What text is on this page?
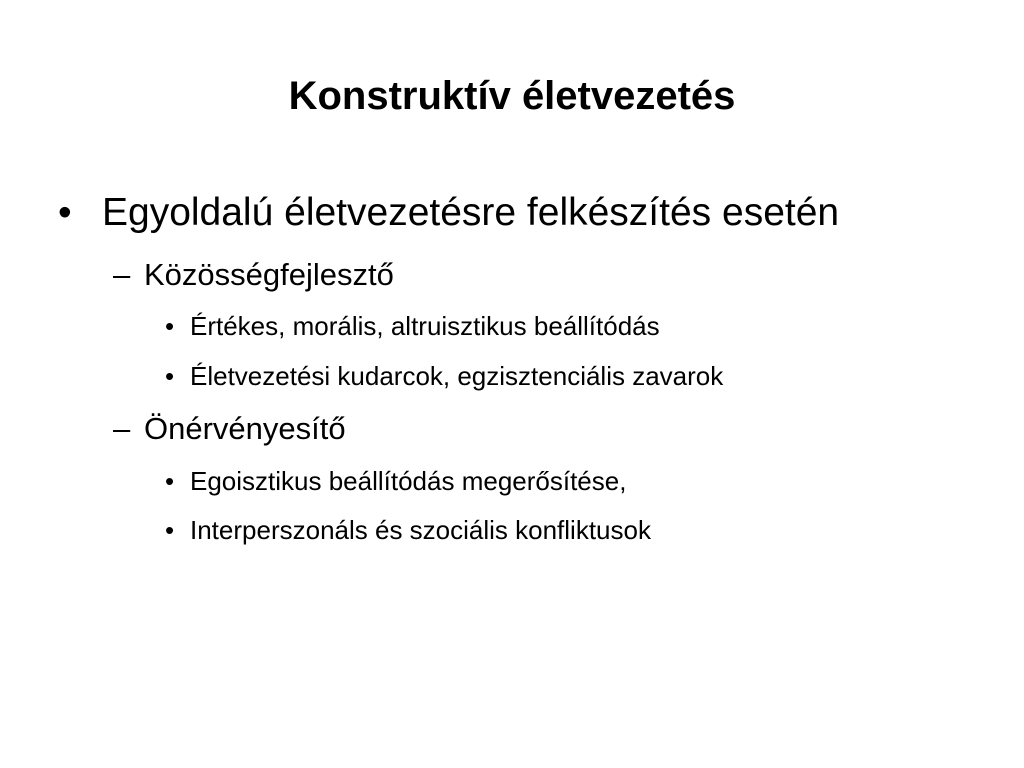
Konstruktív életvezetés
• Egyoldalú életvezetésre felkészítés esetén
– Közösségfejlesztő
• Értékes, morális, altruisztikus beállítódás
• Életvezetési kudarcok, egzisztenciális zavarok
– Önérvényesítő
• Egoisztikus beállítódás megerősítése,
• Interperszonáls és szociális konfliktusok
